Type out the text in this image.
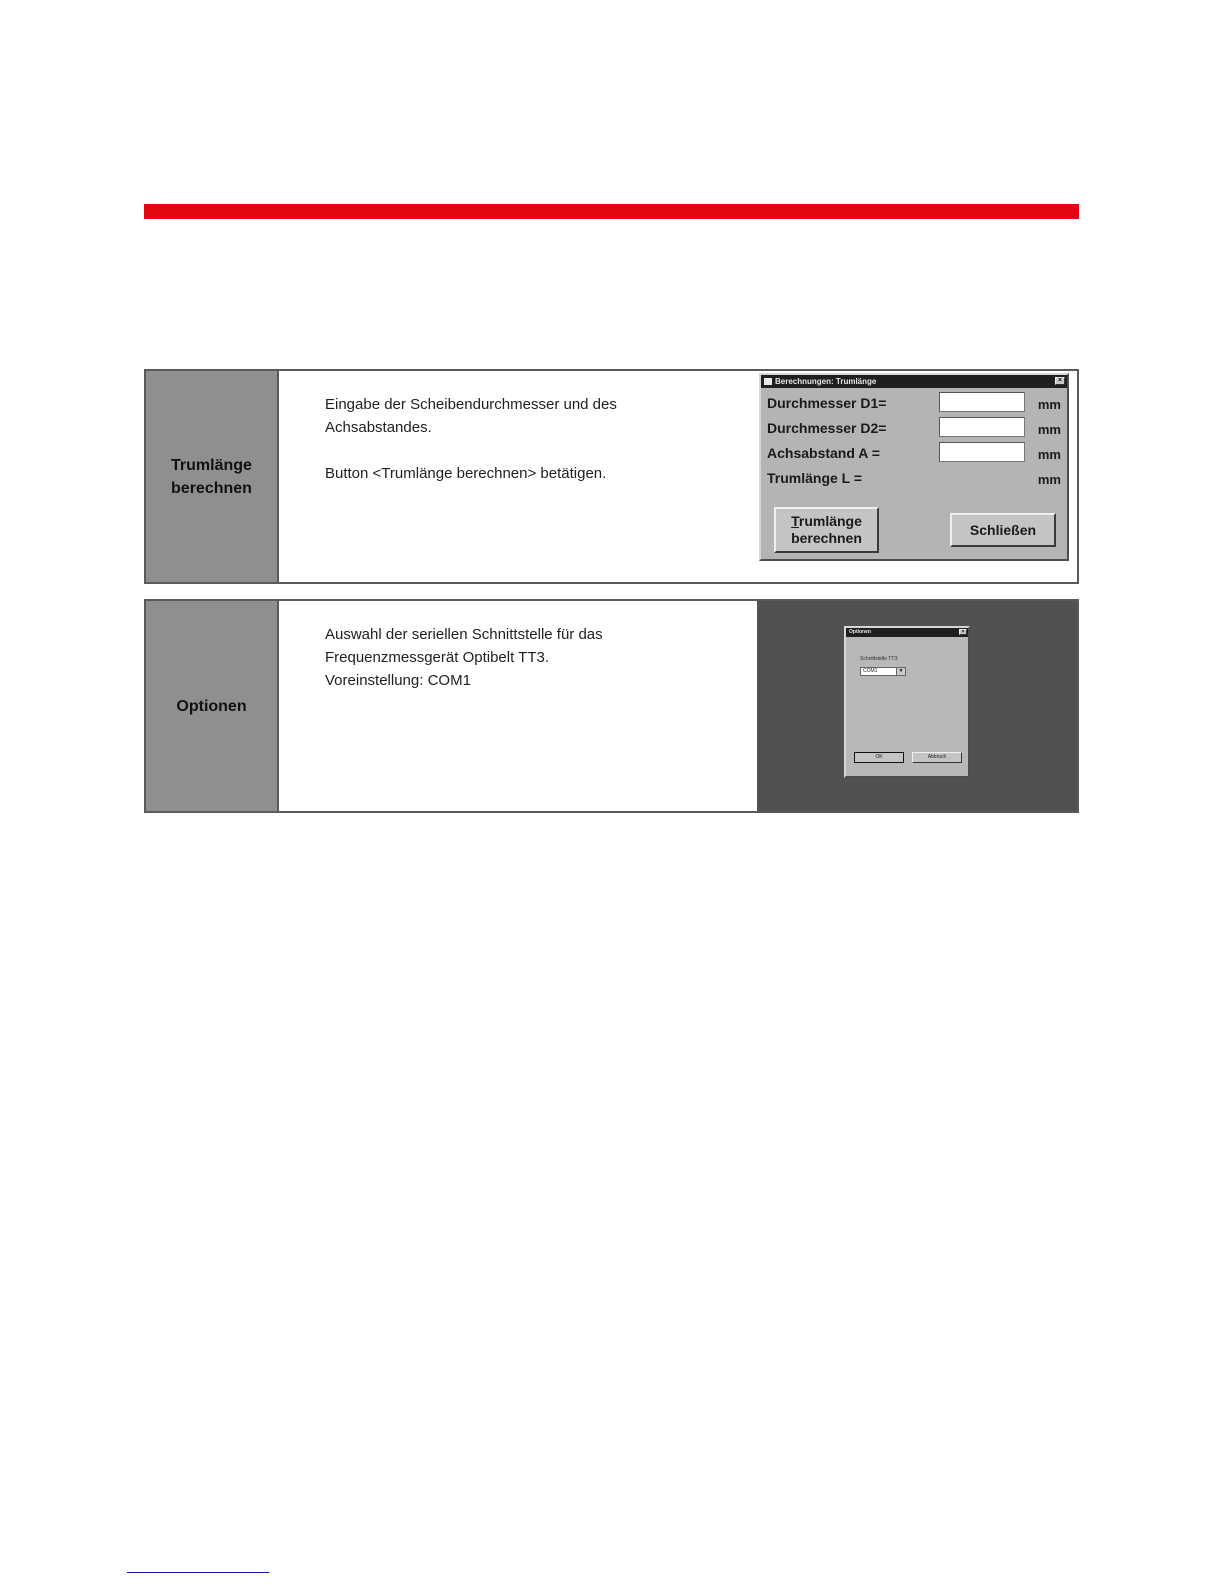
Trumlänge
berechnen

Eingabe der Scheibendurchmesser und des
Achsabstandes.

Button <Trumlänge berechnen> betätigen.

Berechnungen: Trumlänge	×
Durchmesser D1=	mm
Durchmesser D2=	mm
Achsabstand A =	mm
Trumlänge L =	mm
Trumlänge
berechnen
Schließen
Optionen

Auswahl der seriellen Schnittstelle für das
Frequenzmessgerät Optibelt TT3.
Voreinstellung: COM1

Optionen	×
Schnittstelle TT3:
COM1	▼
OK	Abbruch
